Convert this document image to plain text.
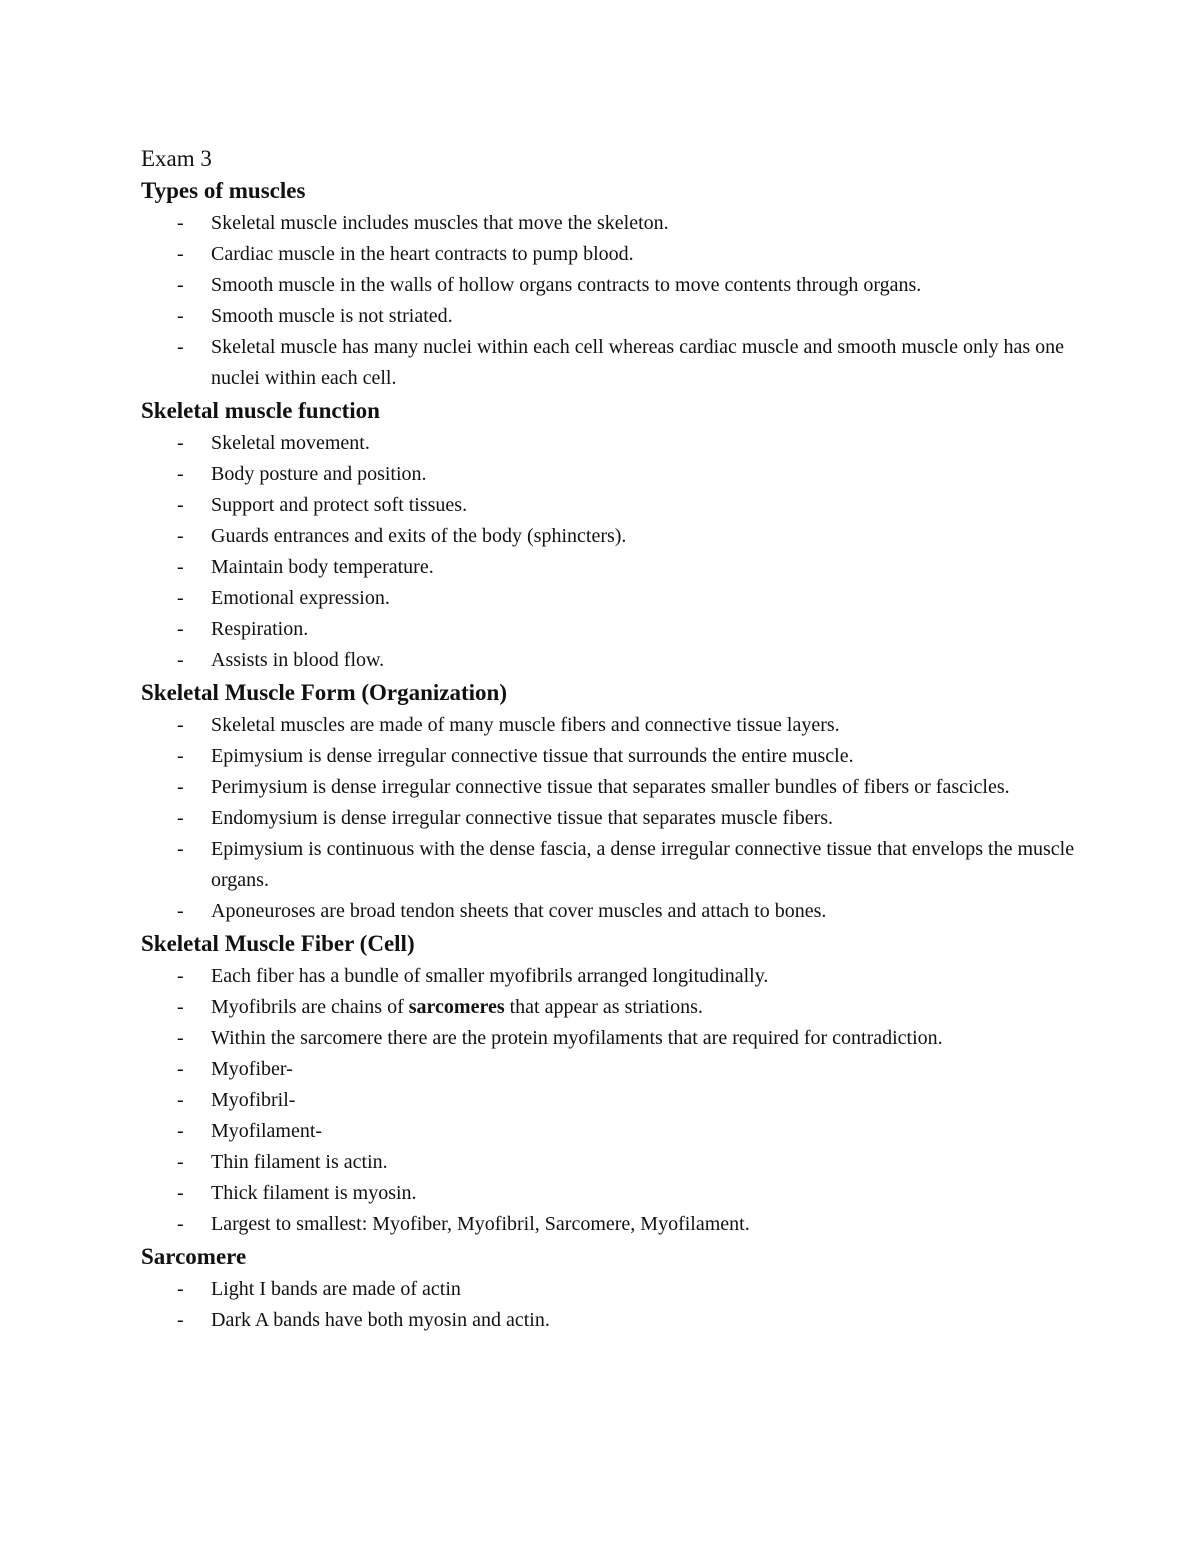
Exam 3

Types of muscles

- Skeletal muscle includes muscles that move the skeleton.
- Cardiac muscle in the heart contracts to pump blood.
- Smooth muscle in the walls of hollow organs contracts to move contents through organs.
- Smooth muscle is not striated.
- Skeletal muscle has many nuclei within each cell whereas cardiac muscle and smooth muscle only has one nuclei within each cell.

Skeletal muscle function

- Skeletal movement.
- Body posture and position.
- Support and protect soft tissues.
- Guards entrances and exits of the body (sphincters).
- Maintain body temperature.
- Emotional expression.
- Respiration.
- Assists in blood flow.

Skeletal Muscle Form (Organization)

- Skeletal muscles are made of many muscle fibers and connective tissue layers.
- Epimysium is dense irregular connective tissue that surrounds the entire muscle.
- Perimysium is dense irregular connective tissue that separates smaller bundles of fibers or fascicles.
- Endomysium is dense irregular connective tissue that separates muscle fibers.
- Epimysium is continuous with the dense fascia, a dense irregular connective tissue that envelops the muscle organs.
- Aponeuroses are broad tendon sheets that cover muscles and attach to bones.

Skeletal Muscle Fiber (Cell)

- Each fiber has a bundle of smaller myofibrils arranged longitudinally.
- Myofibrils are chains of sarcomeres that appear as striations.
- Within the sarcomere there are the protein myofilaments that are required for contradiction.
- Myofiber-
- Myofibril-
- Myofilament-
- Thin filament is actin.
- Thick filament is myosin.
- Largest to smallest: Myofiber, Myofibril, Sarcomere, Myofilament.

Sarcomere

- Light I bands are made of actin
- Dark A bands have both myosin and actin.
